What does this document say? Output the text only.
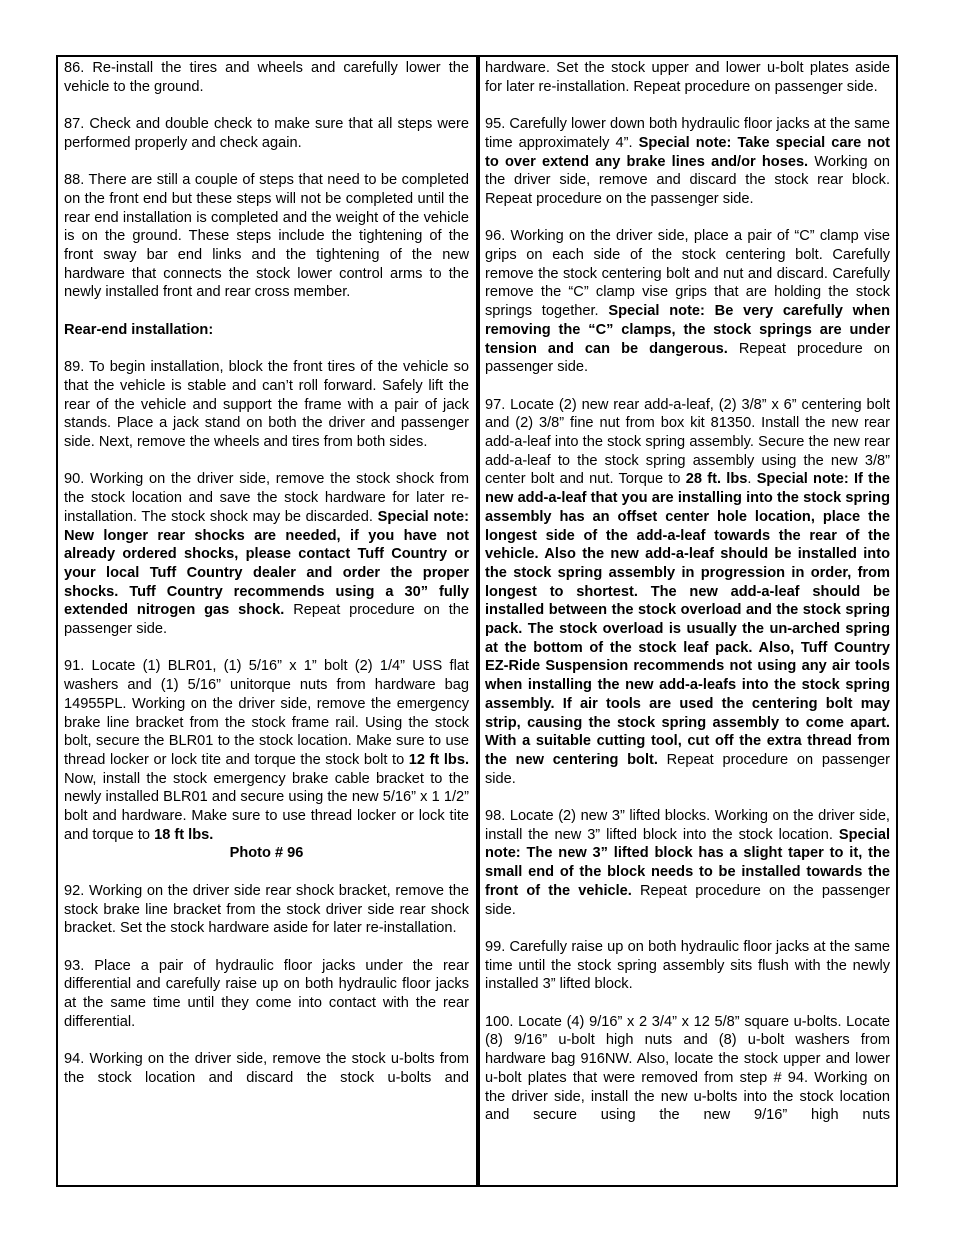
86. Re-install the tires and wheels and carefully lower the vehicle to the ground.

87. Check and double check to make sure that all steps were performed properly and check again.

88. There are still a couple of steps that need to be completed on the front end but these steps will not be completed until the rear end installation is completed and the weight of the vehicle is on the ground. These steps include the tightening of the front sway bar end links and the tightening of the new hardware that connects the stock lower control arms to the newly installed front and rear cross member.

Rear-end installation:

89. To begin installation, block the front tires of the vehicle so that the vehicle is stable and can’t roll forward. Safely lift the rear of the vehicle and support the frame with a pair of jack stands. Place a jack stand on both the driver and passenger side. Next, remove the wheels and tires from both sides.

90. Working on the driver side, remove the stock shock from the stock location and save the stock hardware for later re-installation. The stock shock may be discarded. Special note: New longer rear shocks are needed, if you have not already ordered shocks, please contact Tuff Country or your local Tuff Country dealer and order the proper shocks. Tuff Country recommends using a 30” fully extended nitrogen gas shock. Repeat procedure on the passenger side.

91. Locate (1) BLR01, (1) 5/16” x 1” bolt (2) 1/4” USS flat washers and (1) 5/16” unitorque nuts from hardware bag 14955PL. Working on the driver side, remove the emergency brake line bracket from the stock frame rail. Using the stock bolt, secure the BLR01 to the stock location. Make sure to use thread locker or lock tite and torque the stock bolt to 12 ft lbs. Now, install the stock emergency brake cable bracket to the newly installed BLR01 and secure using the new 5/16” x 1 1/2” bolt and hardware. Make sure to use thread locker or lock tite and torque to 18 ft lbs.
Photo # 96

92. Working on the driver side rear shock bracket, remove the stock brake line bracket from the stock driver side rear shock bracket. Set the stock hardware aside for later re-installation.

93. Place a pair of hydraulic floor jacks under the rear differential and carefully raise up on both hydraulic floor jacks at the same time until they come into contact with the rear differential.

94. Working on the driver side, remove the stock u-bolts from the stock location and discard the stock u-bolts and

hardware. Set the stock upper and lower u-bolt plates aside for later re-installation. Repeat procedure on passenger side.

95. Carefully lower down both hydraulic floor jacks at the same time approximately 4”. Special note: Take special care not to over extend any brake lines and/or hoses. Working on the driver side, remove and discard the stock rear block. Repeat procedure on the passenger side.

96. Working on the driver side, place a pair of “C” clamp vise grips on each side of the stock centering bolt. Carefully remove the stock centering bolt and nut and discard. Carefully remove the “C” clamp vise grips that are holding the stock springs together. Special note: Be very carefully when removing the “C” clamps, the stock springs are under tension and can be dangerous. Repeat procedure on passenger side.

97. Locate (2) new rear add-a-leaf, (2) 3/8” x 6” centering bolt and (2) 3/8” fine nut from box kit 81350. Install the new rear add-a-leaf into the stock spring assembly. Secure the new rear add-a-leaf to the stock spring assembly using the new 3/8” center bolt and nut. Torque to 28 ft. lbs. Special note: If the new add-a-leaf that you are installing into the stock spring assembly has an offset center hole location, place the longest side of the add-a-leaf towards the rear of the vehicle. Also the new add-a-leaf should be installed into the stock spring assembly in progression in order, from longest to shortest. The new add-a-leaf should be installed between the stock overload and the stock spring pack. The stock overload is usually the un-arched spring at the bottom of the stock leaf pack. Also, Tuff Country EZ-Ride Suspension recommends not using any air tools when installing the new add-a-leafs into the stock spring assembly. If air tools are used the centering bolt may strip, causing the stock spring assembly to come apart. With a suitable cutting tool, cut off the extra thread from the new centering bolt. Repeat procedure on passenger side.

98. Locate (2) new 3” lifted blocks. Working on the driver side, install the new 3” lifted block into the stock location. Special note: The new 3” lifted block has a slight taper to it, the small end of the block needs to be installed towards the front of the vehicle. Repeat procedure on the passenger side.

99. Carefully raise up on both hydraulic floor jacks at the same time until the stock spring assembly sits flush with the newly installed 3” lifted block.

100. Locate (4) 9/16” x 2 3/4” x 12 5/8” square u-bolts. Locate (8) 9/16” u-bolt high nuts and (8) u-bolt washers from hardware bag 916NW. Also, locate the stock upper and lower u-bolt plates that were removed from step # 94. Working on the driver side, install the new u-bolts into the stock location and secure using the new 9/16” high nuts
